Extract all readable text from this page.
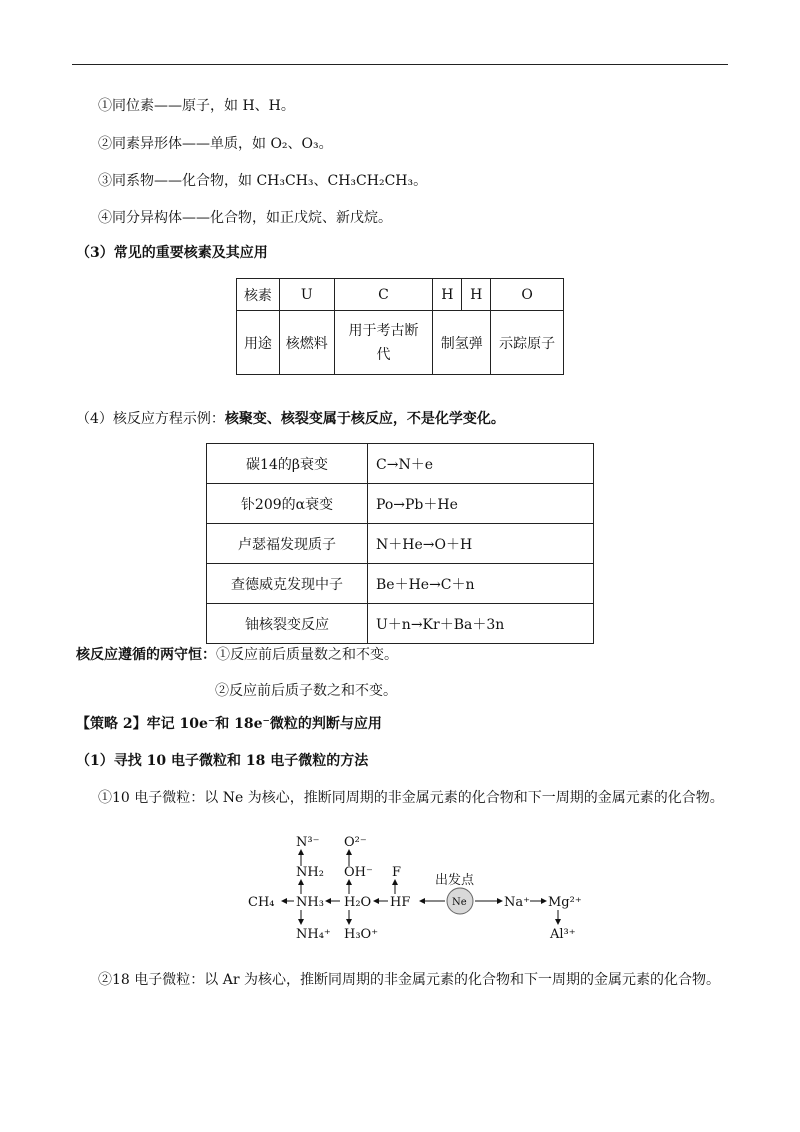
①同位素——原子，如 H、H。
②同素异形体——单质，如 O₂、O₃。
③同系物——化合物，如 CH₃CH₃、CH₃CH₂CH₃。
④同分异构体——化合物，如正戊烷、新戊烷。
（3）常见的重要核素及其应用
核素	U	C	H	H	O
用途	核燃料	用于考古断代	制氢弹		示踪原子
（4）核反应方程示例：核聚变、核裂变属于核反应，不是化学变化。
碳14的β衰变	C→N＋e
钋209的α衰变	Po→Pb＋He
卢瑟福发现质子	N＋He→O＋H
查德威克发现中子	Be＋He→C＋n
铀核裂变反应	U＋n→Kr＋Ba＋3n
核反应遵循的两守恒：①反应前后质量数之和不变。
②反应前后质子数之和不变。
【策略 2】牢记 10e⁻和 18e⁻微粒的判断与应用
（1）寻找 10 电子微粒和 18 电子微粒的方法
①10 电子微粒：以 Ne 为核心，推断同周期的非金属元素的化合物和下一周期的金属元素的化合物。
N³⁻ O²⁻
NH₂ OH⁻ F
出发点
CH₄ NH₃ H₂O HF	Na⁺ Mg²⁺
NH₄⁺ H₃O⁺	Al³⁺
Ne
②18 电子微粒：以 Ar 为核心，推断同周期的非金属元素的化合物和下一周期的金属元素的化合物。
